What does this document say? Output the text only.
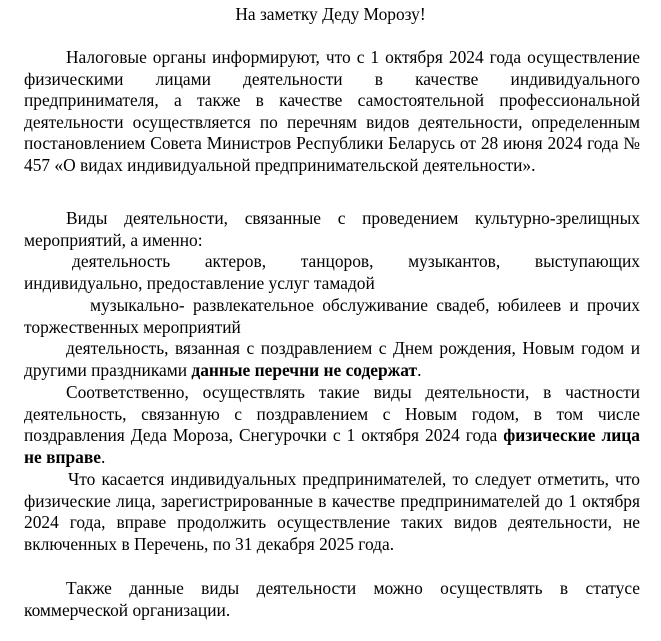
На заметку Деду Морозу!

Налоговые органы информируют, что с 1 октября 2024 года осуществление физическими лицами деятельности в качестве индивидуального предпринимателя, а также в качестве самостоятельной профессиональной деятельности осуществляется по перечням видов деятельности, определенным постановлением Совета Министров Республики Беларусь от 28 июня 2024 года № 457 «О видах индивидуальной предпринимательской деятельности».

Виды деятельности, связанные с проведением культурно-зрелищных мероприятий, а именно:

деятельность актеров, танцоров, музыкантов, выступающих индивидуально, предоставление услуг тамадой

музыкально- развлекательное обслуживание свадеб, юбилеев и прочих торжественных мероприятий

деятельность, вязанная с поздравлением с Днем рождения, Новым годом и другими праздниками данные перечни не содержат.

Соответственно, осуществлять такие виды деятельности, в частности деятельность, связанную с поздравлением с Новым годом, в том числе поздравления Деда Мороза, Снегурочки с 1 октября 2024 года физические лица не вправе.

Что касается индивидуальных предпринимателей, то следует отметить, что физические лица, зарегистрированные в качестве предпринимателей до 1 октября 2024 года, вправе продолжить осуществление таких видов деятельности, не включенных в Перечень, по 31 декабря 2025 года.

Также данные виды деятельности можно осуществлять в статусе коммерческой организации.
